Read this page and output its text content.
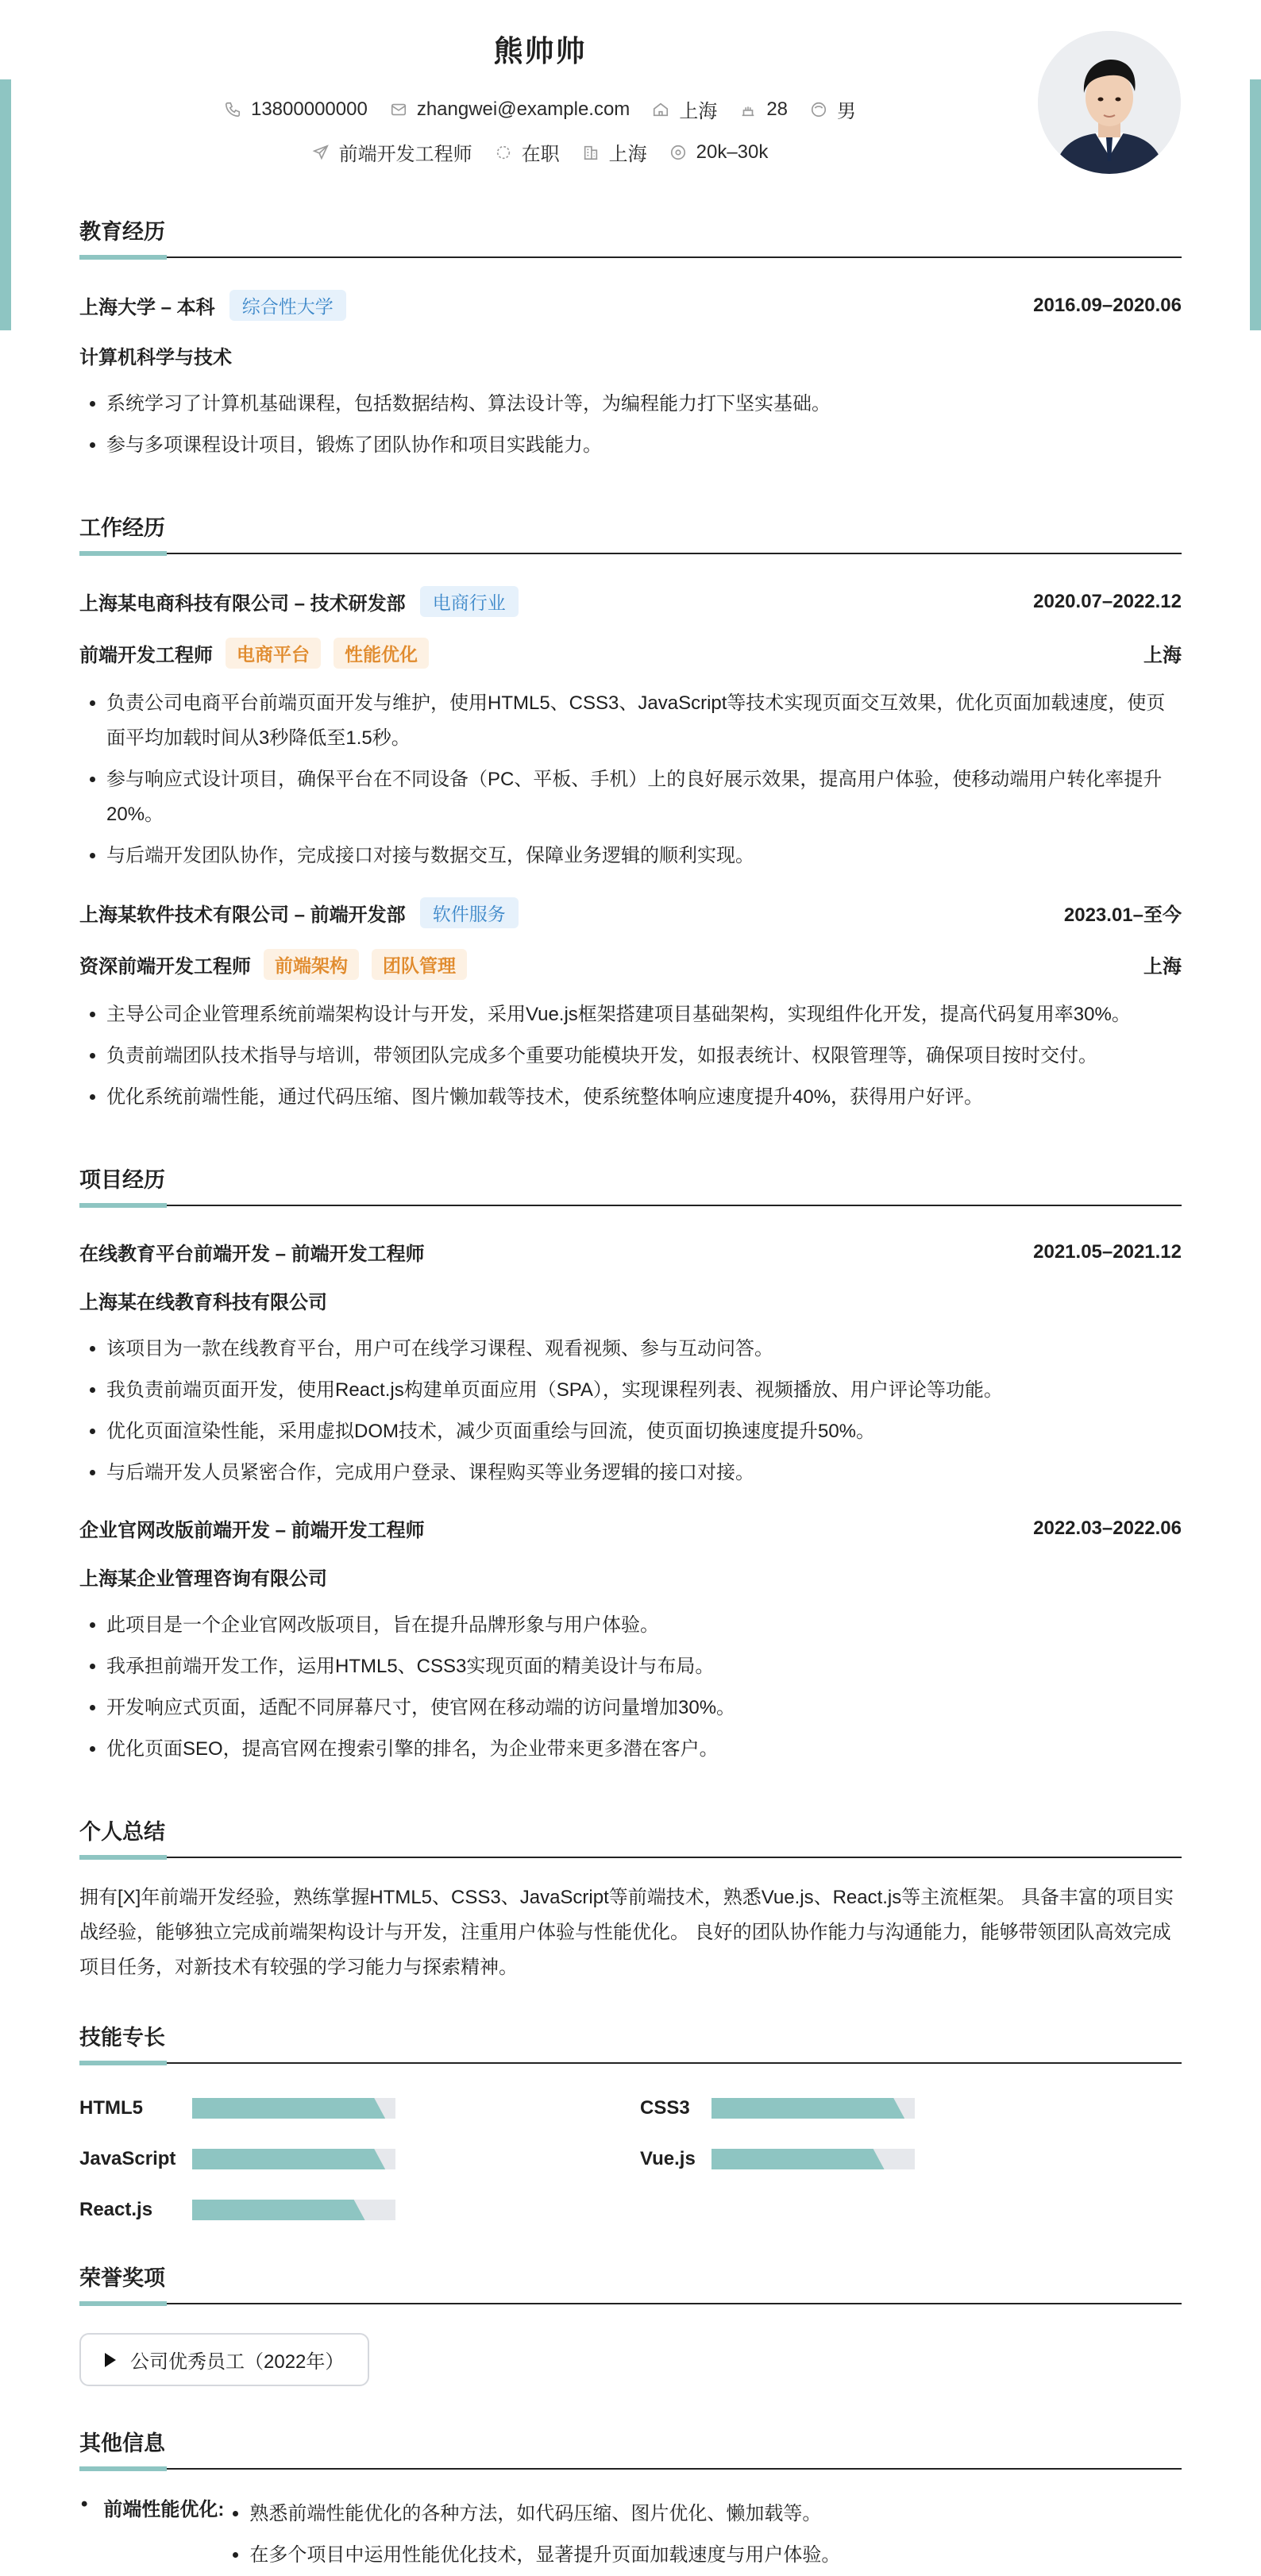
熊帅帅
13800000000	zhangwei@example.com	上海	28	男
前端开发工程师	在职	上海	20k–30k
教育经历
上海大学 – 本科	综合性大学	2016.09–2020.06
计算机科学与技术
• 系统学习了计算机基础课程，包括数据结构、算法设计等，为编程能力打下坚实基础。
• 参与多项课程设计项目，锻炼了团队协作和项目实践能力。
工作经历
上海某电商科技有限公司 – 技术研发部	电商行业	2020.07–2022.12
前端开发工程师	电商平台	性能优化	上海
• 负责公司电商平台前端页面开发与维护，使用HTML5、CSS3、JavaScript等技术实现页面交互效果，优化页面加载速度，使页面平均加载时间从3秒降低至1.5秒。
• 参与响应式设计项目，确保平台在不同设备（PC、平板、手机）上的良好展示效果，提高用户体验，使移动端用户转化率提升20%。
• 与后端开发团队协作，完成接口对接与数据交互，保障业务逻辑的顺利实现。
上海某软件技术有限公司 – 前端开发部	软件服务	2023.01–至今
资深前端开发工程师	前端架构	团队管理	上海
• 主导公司企业管理系统前端架构设计与开发，采用Vue.js框架搭建项目基础架构，实现组件化开发，提高代码复用率30%。
• 负责前端团队技术指导与培训，带领团队完成多个重要功能模块开发，如报表统计、权限管理等，确保项目按时交付。
• 优化系统前端性能，通过代码压缩、图片懒加载等技术，使系统整体响应速度提升40%，获得用户好评。
项目经历
在线教育平台前端开发 – 前端开发工程师	2021.05–2021.12
上海某在线教育科技有限公司
• 该项目为一款在线教育平台，用户可在线学习课程、观看视频、参与互动问答。
• 我负责前端页面开发，使用React.js构建单页面应用（SPA），实现课程列表、视频播放、用户评论等功能。
• 优化页面渲染性能，采用虚拟DOM技术，减少页面重绘与回流，使页面切换速度提升50%。
• 与后端开发人员紧密合作，完成用户登录、课程购买等业务逻辑的接口对接。
企业官网改版前端开发 – 前端开发工程师	2022.03–2022.06
上海某企业管理咨询有限公司
• 此项目是一个企业官网改版项目，旨在提升品牌形象与用户体验。
• 我承担前端开发工作，运用HTML5、CSS3实现页面的精美设计与布局。
• 开发响应式页面，适配不同屏幕尺寸，使官网在移动端的访问量增加30%。
• 优化页面SEO，提高官网在搜索引擎的排名，为企业带来更多潜在客户。
个人总结
拥有[X]年前端开发经验，熟练掌握HTML5、CSS3、JavaScript等前端技术，熟悉Vue.js、React.js等主流框架。 具备丰富的项目实战经验，能够独立完成前端架构设计与开发，注重用户体验与性能优化。 良好的团队协作能力与沟通能力，能够带领团队高效完成项目任务，对新技术有较强的学习能力与探索精神。
技能专长
HTML5	CSS3
JavaScript	Vue.js
React.js
荣誉奖项
公司优秀员工（2022年）
其他信息
• 前端性能优化:
• 熟悉前端性能优化的各种方法，如代码压缩、图片优化、懒加载等。
• 在多个项目中运用性能优化技术，显著提升页面加载速度与用户体验。
